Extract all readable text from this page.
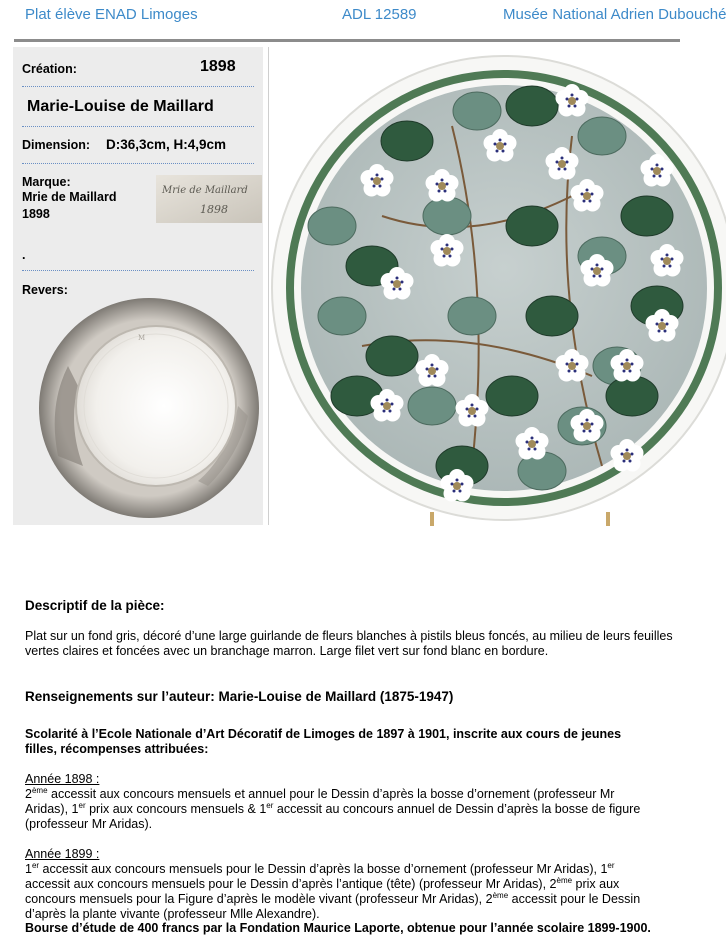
Plat élève ENAD Limoges	ADL 12589	Musée National Adrien Dubouché
Création:	1898
Marie-Louise de Maillard
Dimension: D:36,3cm, H:4,9cm
Marque:
Mrie de Maillard
1898
Mrie de Maillard
1898
.
Revers:
M
Descriptif de la pièce:
Plat sur un fond gris, décoré d’une large guirlande de fleurs blanches à pistils bleus foncés, au milieu de leurs feuilles
vertes claires et foncées avec un branchage marron. Large filet vert sur fond blanc en bordure.
Renseignements sur l’auteur: Marie-Louise de Maillard (1875-1947)
Scolarité à l’Ecole Nationale d’Art Décoratif de Limoges de 1897 à 1901, inscrite aux cours de jeunes
filles, récompenses attribuées:
Année 1898 :
2ème accessit aux concours mensuels et annuel pour le Dessin d’après la bosse d’ornement (professeur Mr
Aridas), 1er prix aux concours mensuels & 1er accessit au concours annuel de Dessin d’après la bosse de figure
(professeur Mr Aridas).
Année 1899 :
1er accessit aux concours mensuels pour le Dessin d’après la bosse d’ornement (professeur Mr Aridas), 1er
accessit aux concours mensuels pour le Dessin d’après l’antique (tête) (professeur Mr Aridas), 2ème prix aux
concours mensuels pour la Figure d’après le modèle vivant (professeur Mr Aridas), 2ème accessit pour le Dessin
d’après la plante vivante (professeur Mlle Alexandre).
Bourse d’étude de 400 francs par la Fondation Maurice Laporte, obtenue pour l’année scolaire 1899-1900.
